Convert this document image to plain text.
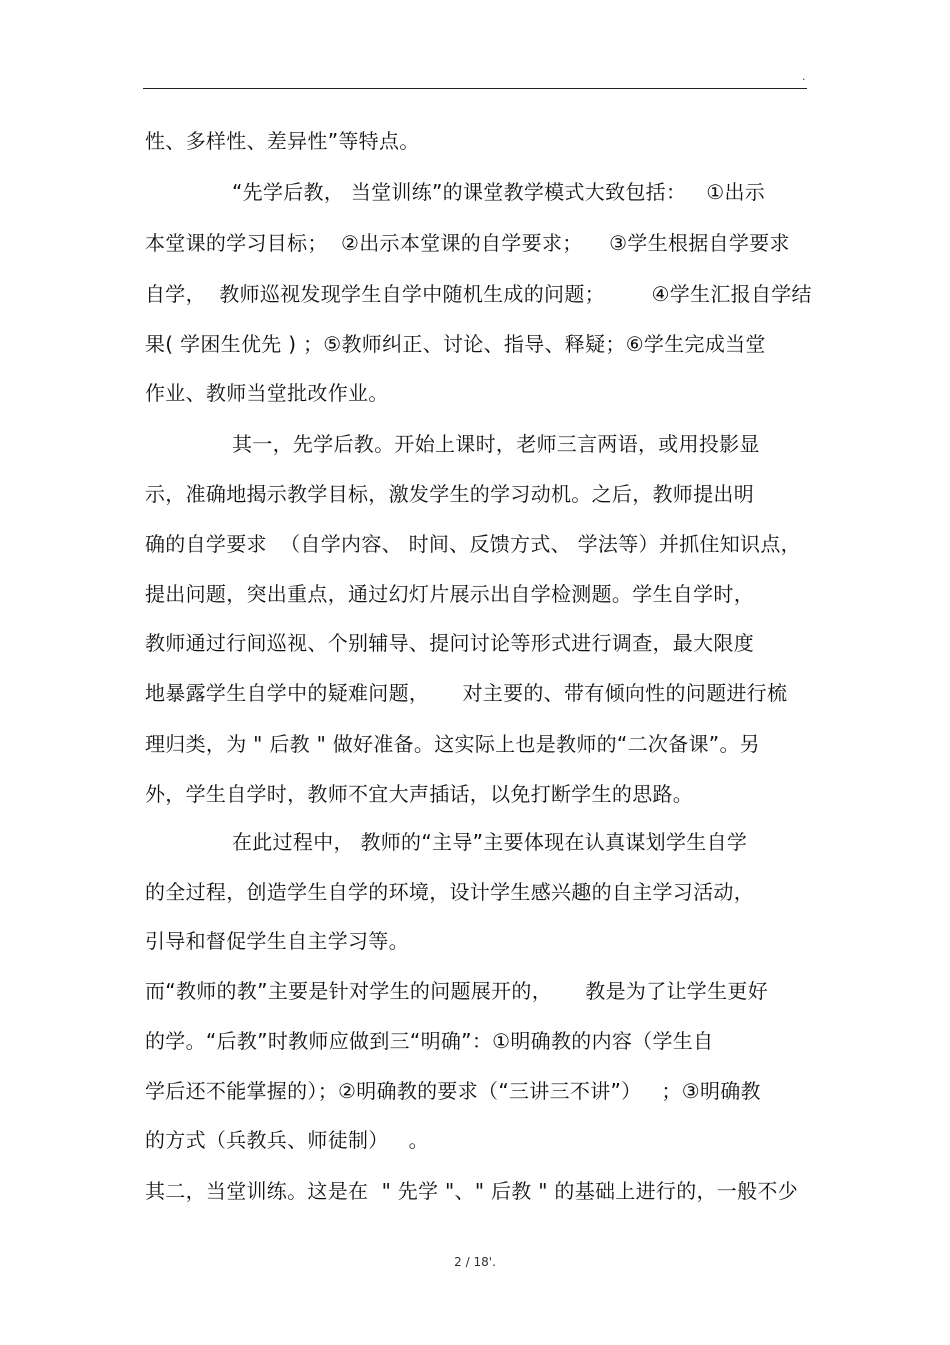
.
性、多样性、差异性”等特点。
“先学后教， 当堂训练”的课堂教学模式大致包括：   ①出示
本堂课的学习目标；  ②出示本堂课的自学要求；    ③学生根据自学要求
自学，  教师巡视发现学生自学中随机生成的问题；       ④学生汇报自学结
果( 学困生优先 ) ；⑤教师纠正、讨论、指导、释疑；⑥学生完成当堂
作业、教师当堂批改作业。
其一，先学后教。开始上课时，老师三言两语，或用投影显
示，准确地揭示教学目标，激发学生的学习动机。之后，教师提出明
确的自学要求  （自学内容、 时间、反馈方式、 学法等）并抓住知识点，
提出问题，突出重点，通过幻灯片展示出自学检测题。学生自学时，
教师通过行间巡视、个别辅导、提问讨论等形式进行调查，最大限度
地暴露学生自学中的疑难问题，     对主要的、带有倾向性的问题进行梳
理归类，为 " 后教 " 做好准备。这实际上也是教师的“二次备课”。另
外，学生自学时，教师不宜大声插话，以免打断学生的思路。
在此过程中， 教师的“主导”主要体现在认真谋划学生自学
的全过程，创造学生自学的环境，设计学生感兴趣的自主学习活动，
引导和督促学生自主学习等。
而“教师的教”主要是针对学生的问题展开的，     教是为了让学生更好
的学。“后教”时教师应做到三“明确”：①明确教的内容（学生自
学后还不能掌握的）；②明确教的要求（“三讲三不讲”）   ；③明确教
的方式（兵教兵、师徒制）   。
其二，当堂训练。这是在  " 先学 "、" 后教 " 的基础上进行的，一般不少
2 / 18'.
